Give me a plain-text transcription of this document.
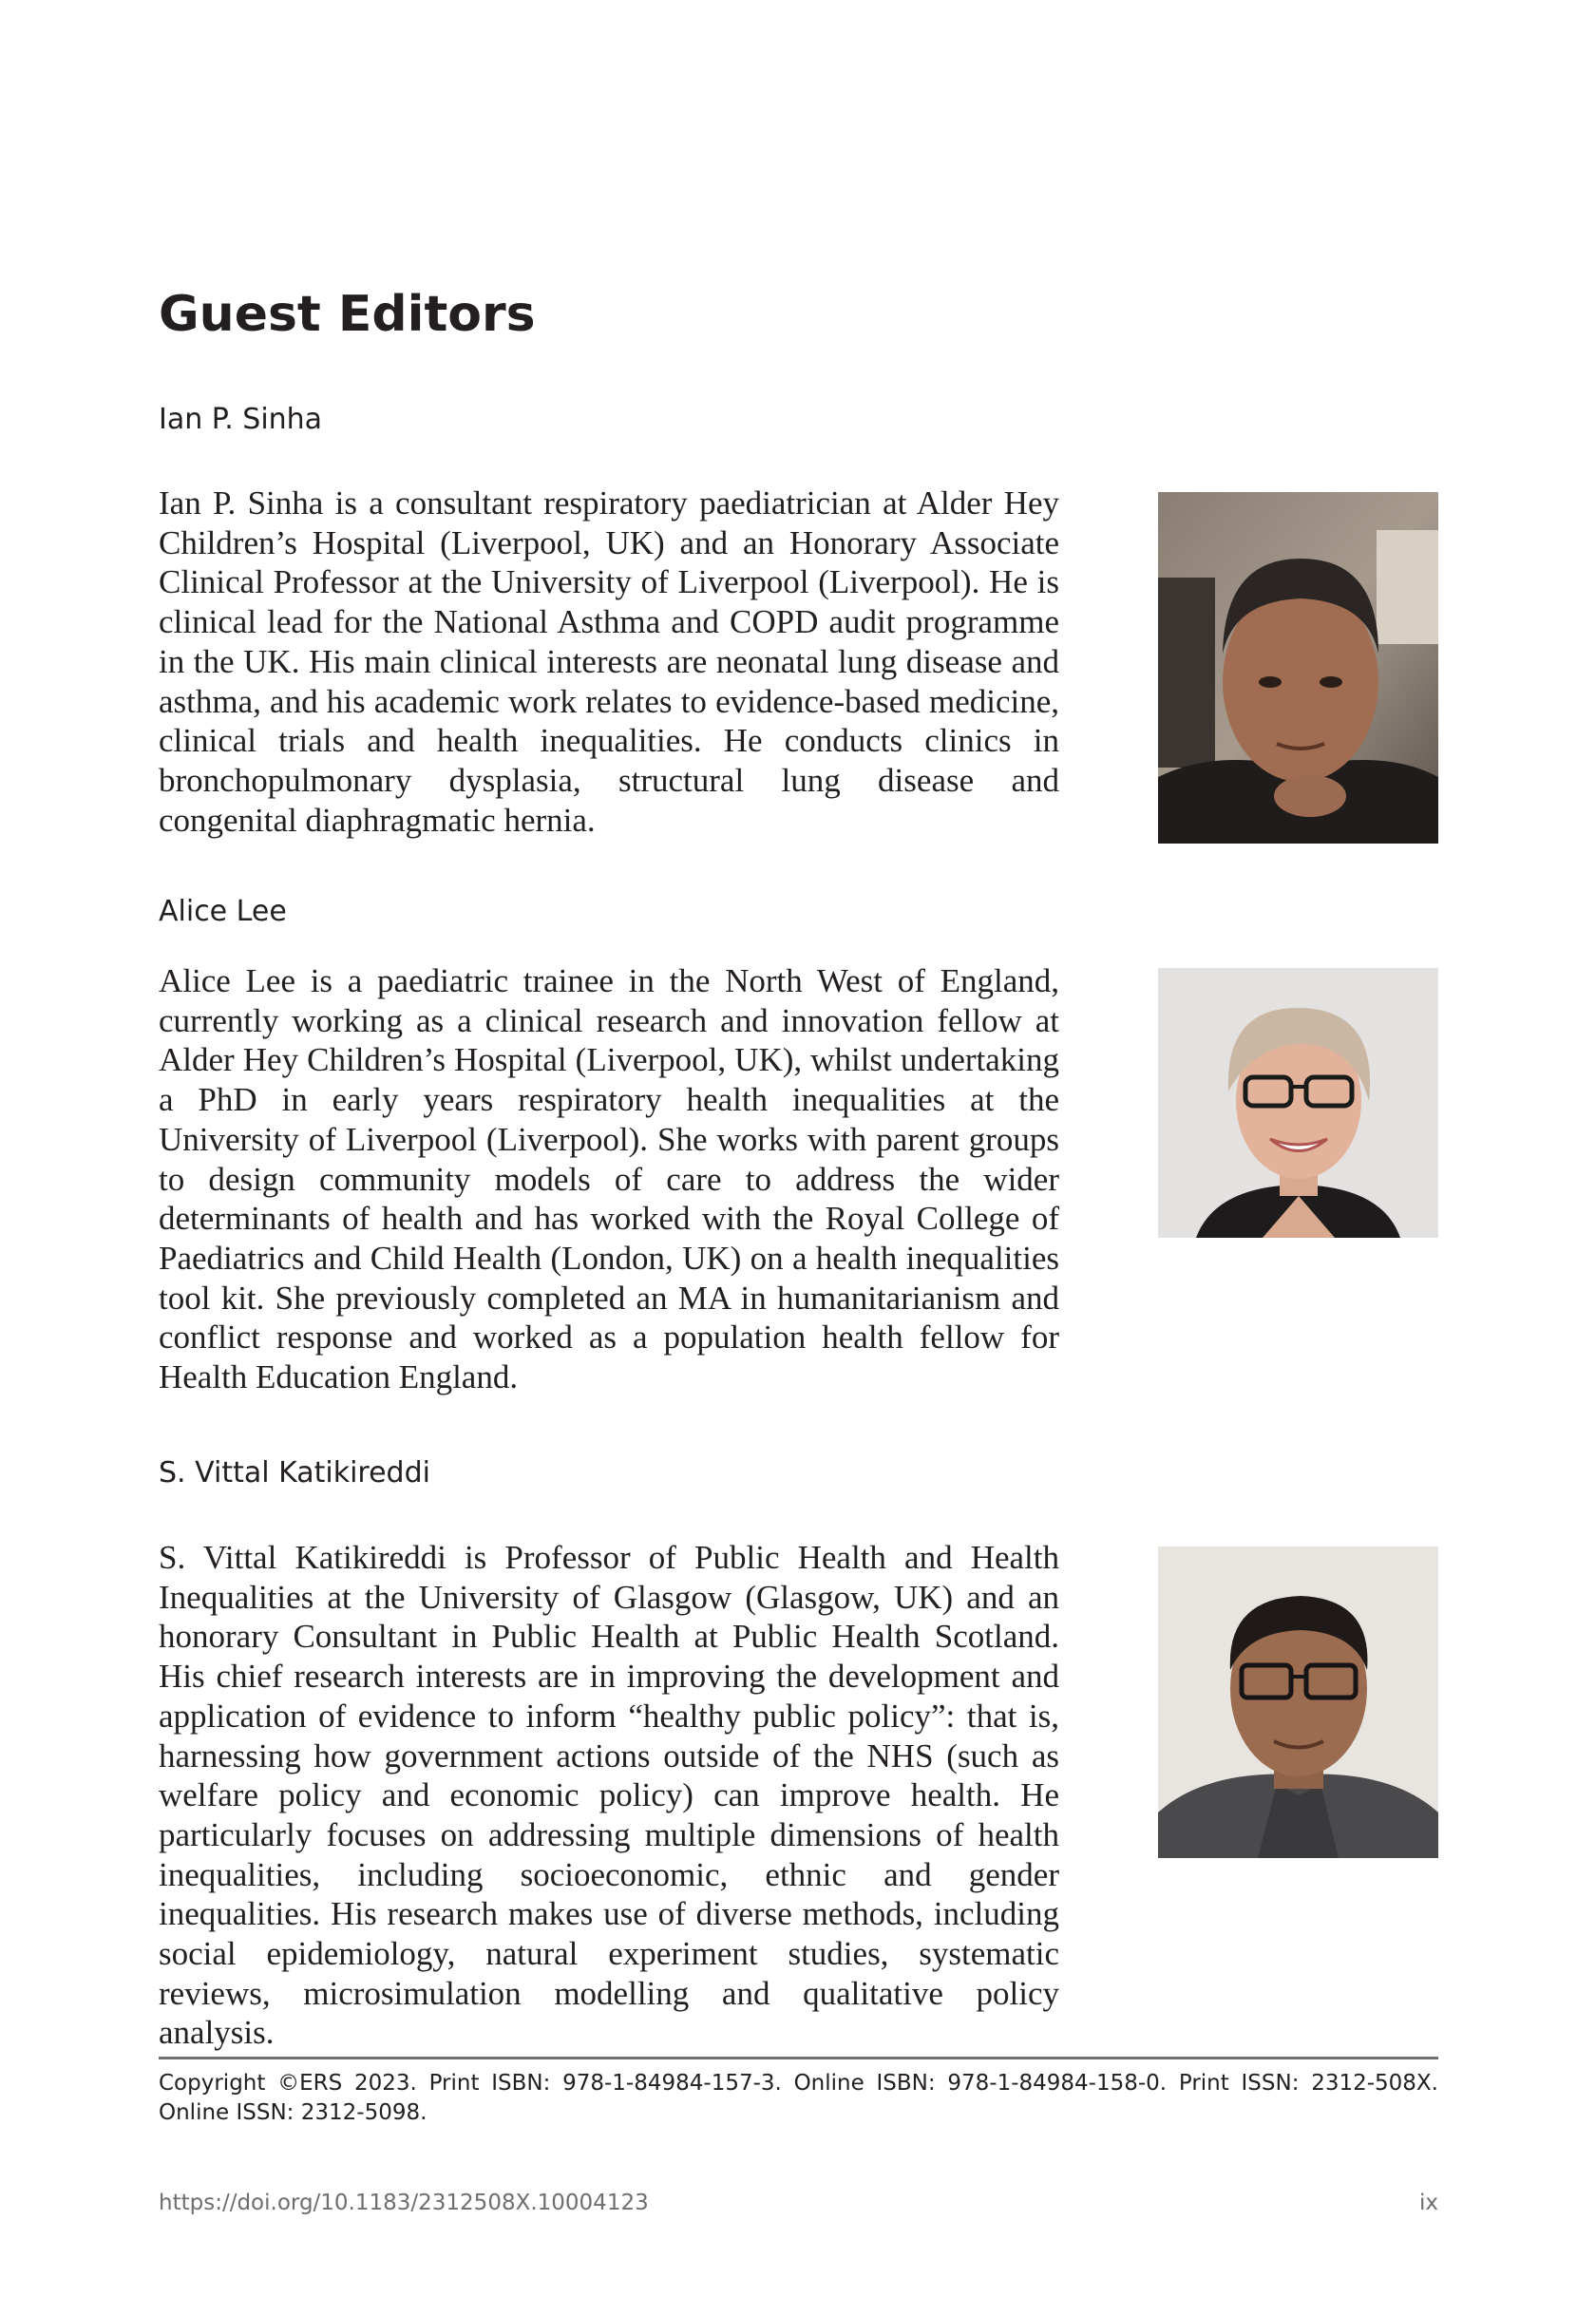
Guest Editors

Ian P. Sinha

Ian P. Sinha is a consultant respiratory paediatrician at Alder Hey Children’s Hospital (Liverpool, UK) and an Honorary Associate Clinical Professor at the University of Liverpool (Liverpool). He is clinical lead for the National Asthma and COPD audit programme in the UK. His main clinical interests are neonatal lung disease and asthma, and his academic work relates to evidence-based medicine, clinical trials and health inequalities. He conducts clinics in bronchopulmonary dysplasia, structural lung disease and congenital diaphragmatic hernia.

Alice Lee

Alice Lee is a paediatric trainee in the North West of England, currently working as a clinical research and innovation fellow at Alder Hey Children’s Hospital (Liverpool, UK), whilst undertaking a PhD in early years respiratory health inequalities at the University of Liverpool (Liverpool). She works with parent groups to design community models of care to address the wider determinants of health and has worked with the Royal College of Paediatrics and Child Health (London, UK) on a health inequalities tool kit. She previously completed an MA in humanitarianism and conflict response and worked as a population health fellow for Health Education England.

S. Vittal Katikireddi

S. Vittal Katikireddi is Professor of Public Health and Health Inequalities at the University of Glasgow (Glasgow, UK) and an honorary Consultant in Public Health at Public Health Scotland. His chief research interests are in improving the development and application of evidence to inform “healthy public policy”: that is, harnessing how government actions outside of the NHS (such as welfare policy and economic policy) can improve health. He particularly focuses on addressing multiple dimensions of health inequalities, including socioeconomic, ethnic and gender inequalities. His research makes use of diverse methods, including social epidemiology, natural experiment studies, systematic reviews, microsimulation modelling and qualitative policy analysis.

Copyright ©ERS 2023. Print ISBN: 978-1-84984-157-3. Online ISBN: 978-1-84984-158-0. Print ISSN: 2312-508X. Online ISSN: 2312-5098.

https://doi.org/10.1183/2312508X.10004123	ix
